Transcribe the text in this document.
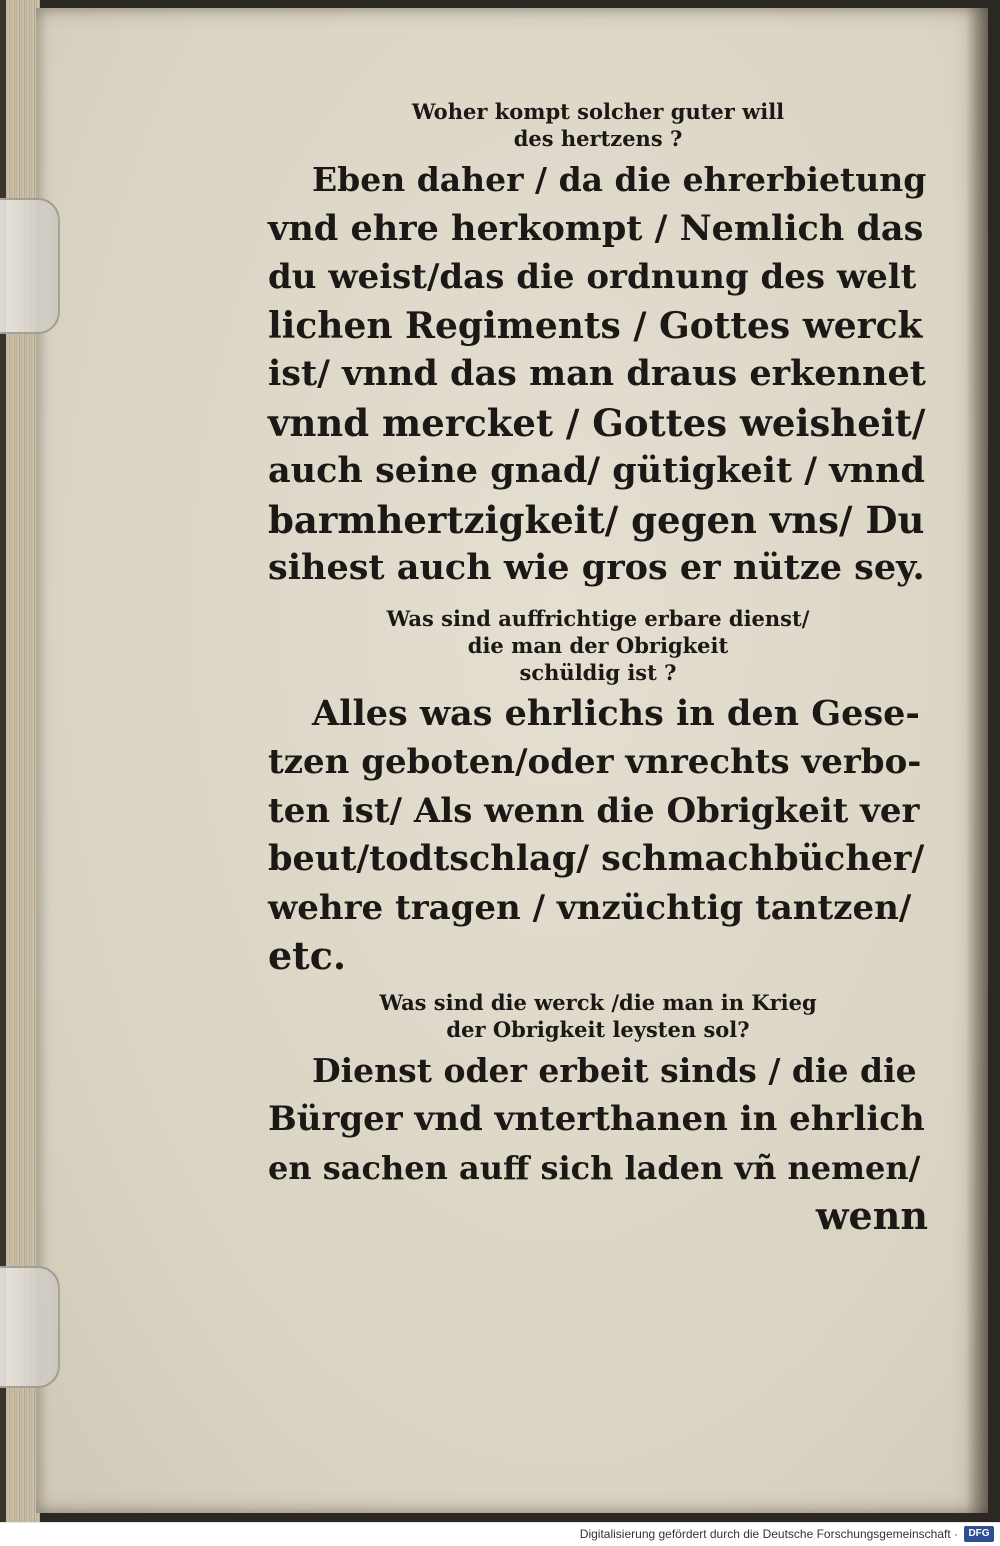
Woher kompt solcher guter will
des hertzens ?
Eben daher / da die ehrerbietung
vnd ehre herkompt / Nemlich das
du weist/das die ordnung des welt
lichen Regiments / Gottes werck
ist/ vnnd das man draus erkennet
vnnd mercket / Gottes weisheit/
auch seine gnad/ gütigkeit / vnnd
barmhertzigkeit/ gegen vns/ Du
sihest auch wie gros er nütze sey.
Was sind auffrichtige erbare dienst/
die man der Obrigkeit
schüldig ist ?
Alles was ehrlichs in den Gese-
tzen geboten/oder vnrechts verbo-
ten ist/ Als wenn die Obrigkeit ver
beut/todtschlag/ schmachbücher/
wehre tragen / vnzüchtig tantzen/
etc.
Was sind die werck /die man in Krieg
der Obrigkeit leysten sol?
Dienst oder erbeit sinds / die die
Bürger vnd vnterthanen in ehrlich
en sachen auff sich laden vñ nemen/
wenn
Digitalisierung gefördert durch die Deutsche Forschungsgemeinschaft ·	DFG
